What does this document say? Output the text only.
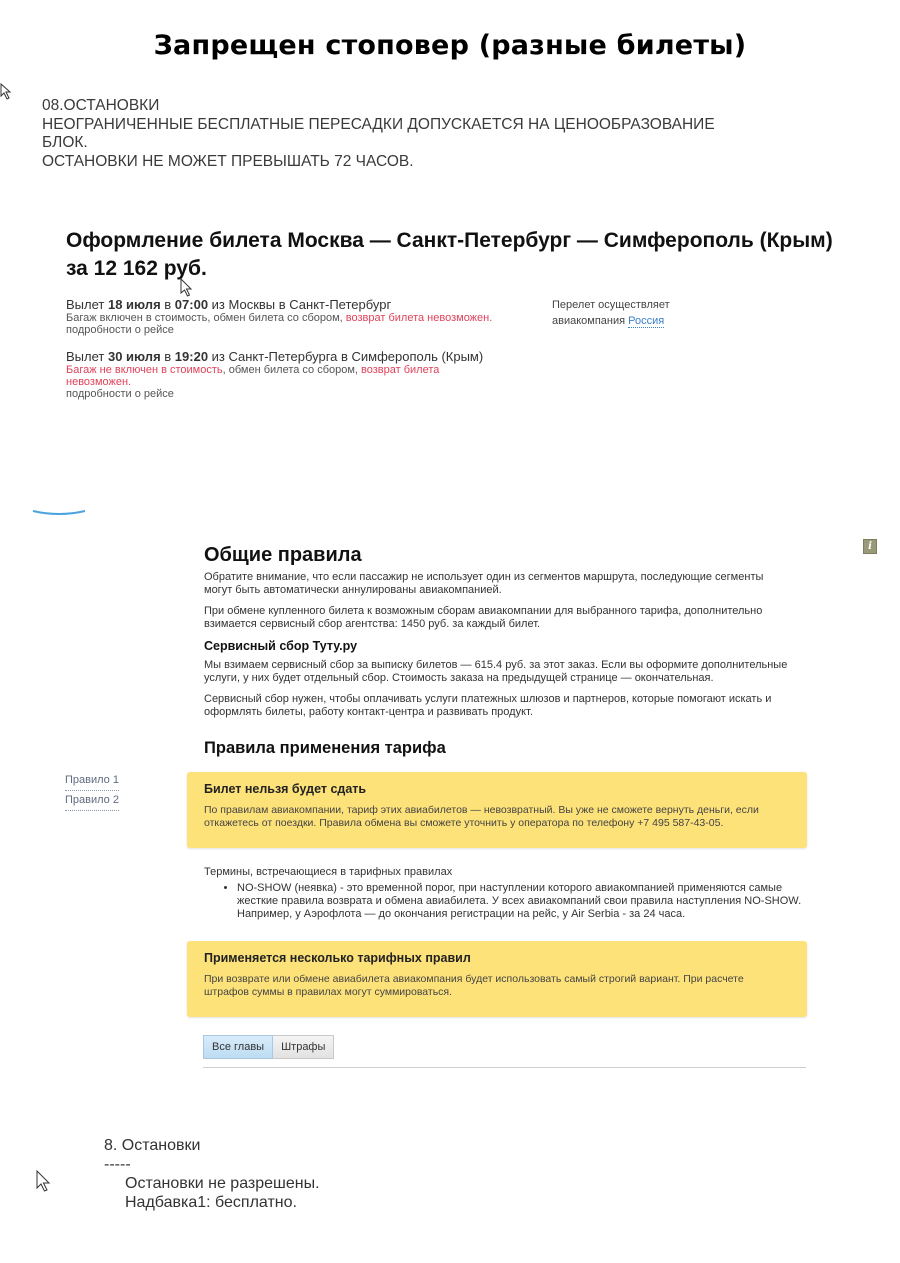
Запрещен стоповер (разные билеты)
08.ОСТАНОВКИ
НЕОГРАНИЧЕННЫЕ БЕСПЛАТНЫЕ ПЕРЕСАДКИ ДОПУСКАЕТСЯ НА ЦЕНООБРАЗОВАНИЕ
БЛОК.
ОСТАНОВКИ НЕ МОЖЕТ ПРЕВЫШАТЬ 72 ЧАСОВ.
Оформление билета Москва — Санкт-Петербург — Симферополь (Крым)
за 12 162 руб.
Вылет 18 июля в 07:00 из Москвы в Санкт-Петербург
Багаж включен в стоимость, обмен билета со сбором, возврат билета невозможен.
подробности о рейсе
Перелет осуществляет
авиакомпания Россия
Вылет 30 июля в 19:20 из Санкт-Петербурга в Симферополь (Крым)
Багаж не включен в стоимость, обмен билета со сбором, возврат билета невозможен.
подробности о рейсе
i
Общие правила
Обратите внимание, что если пассажир не использует один из сегментов маршрута, последующие сегменты могут быть автоматически аннулированы авиакомпанией.
При обмене купленного билета к возможным сборам авиакомпании для выбранного тарифа, дополнительно взимается сервисный сбор агентства: 1450 руб. за каждый билет.
Сервисный сбор Туту.ру
Мы взимаем сервисный сбор за выписку билетов — 615.4 руб. за этот заказ. Если вы оформите дополнительные услуги, у них будет отдельный сбор. Стоимость заказа на предыдущей странице — окончательная.
Сервисный сбор нужен, чтобы оплачивать услуги платежных шлюзов и партнеров, которые помогают искать и оформлять билеты, работу контакт-центра и развивать продукт.
Правила применения тарифа
Правило 1
Правило 2
Билет нельзя будет сдать
По правилам авиакомпании, тариф этих авиабилетов — невозвратный. Вы уже не сможете вернуть деньги, если откажетесь от поездки. Правила обмена вы сможете уточнить у оператора по телефону +7 495 587-43-05.
Термины, встречающиеся в тарифных правилах
• NO-SHOW (неявка) - это временной порог, при наступлении которого авиакомпанией применяются самые жесткие правила возврата и обмена авиабилета. У всех авиакомпаний свои правила наступления NO-SHOW. Например, у Аэрофлота — до окончания регистрации на рейс, у Air Serbia - за 24 часа.
Применяется несколько тарифных правил
При возврате или обмене авиабилета авиакомпания будет использовать самый строгий вариант. При расчете штрафов суммы в правилах могут суммироваться.
Все главы	Штрафы
8. Остановки
-----
Остановки не разрешены.
Надбавка1: бесплатно.
